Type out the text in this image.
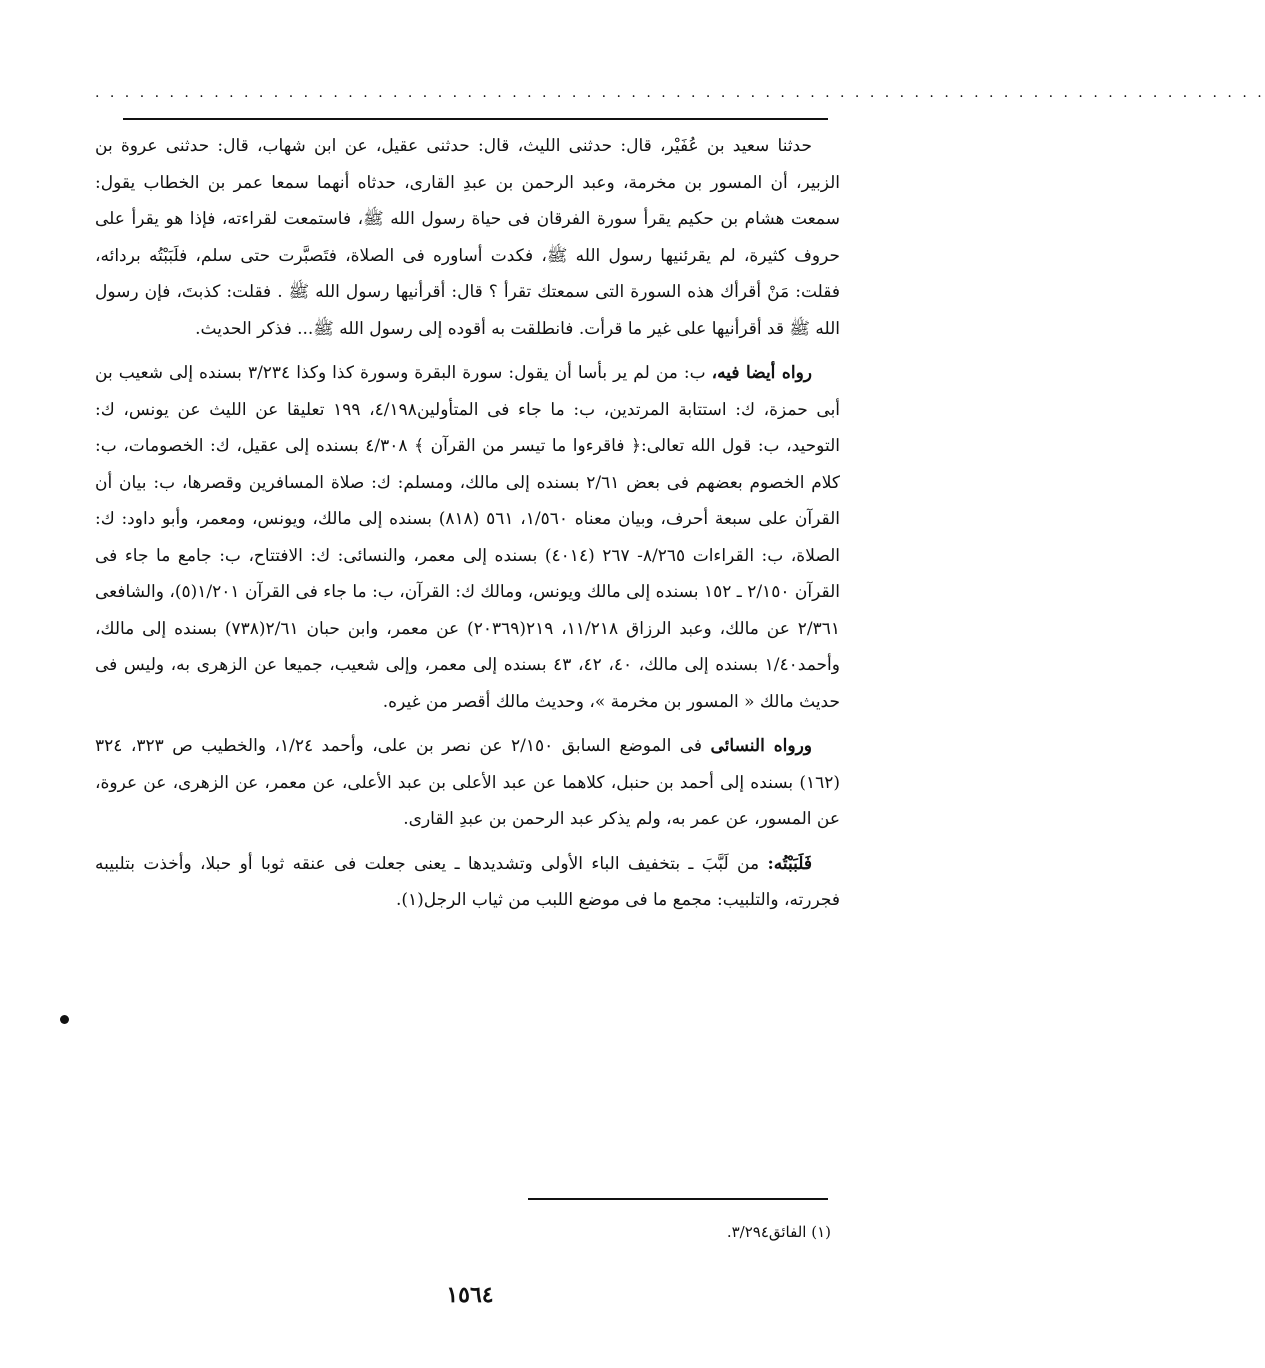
. . . . . . . . . . . . . . . . . . . . . . . . . . . . . . . . . . . . . . . . . . . . . . . . . . . . . . . . . . . . . . . . . . . . . . . . . . . . . . .

حدثنا سعيد بن عُفَيْر، قال: حدثنى الليث، قال: حدثنى عقيل، عن ابن شهاب، قال: حدثنى عروة بن الزبير، أن المسور بن مخرمة، وعبد الرحمن بن عبدِ القارى، حدثاه أنهما سمعا عمر بن الخطاب يقول: سمعت هشام بن حكيم يقرأ سورة الفرقان فى حياة رسول الله ﷺ، فاستمعت لقراءته، فإذا هو يقرأ على حروف كثيرة، لم يقرئنيها رسول الله ﷺ، فكدت أساوره فى الصلاة، فتَصبَّرت حتى سلم، فلَبَبْتُه بردائه، فقلت: مَنْ أقرأك هذه السورة التى سمعتك تقرأ ؟ قال: أقرأنيها رسول الله ﷺ . فقلت: كذبتَ، فإن رسول الله ﷺ قد أقرأنيها على غير ما قرأت. فانطلقت به أقوده إلى رسول الله ﷺ... فذكر الحديث.

رواه أيضا فيه، ب: من لم ير بأسا أن يقول: سورة البقرة وسورة كذا وكذا ٣/٢٣٤ بسنده إلى شعيب بن أبى حمزة، ك: استتابة المرتدين، ب: ما جاء فى المتأولين٤/١٩٨، ١٩٩ تعليقا عن الليث عن يونس، ك: التوحيد، ب: قول الله تعالى:﴿ فاقرءوا ما تيسر من القرآن ﴾ ٤/٣٠٨ بسنده إلى عقيل، ك: الخصومات، ب: كلام الخصوم بعضهم فى بعض ٢/٦١ بسنده إلى مالك، ومسلم: ك: صلاة المسافرين وقصرها، ب: بيان أن القرآن على سبعة أحرف، وبيان معناه ١/٥٦٠، ٥٦١ (٨١٨) بسنده إلى مالك، ويونس، ومعمر، وأبو داود: ك: الصلاة، ب: القراءات ٨/٢٦٥- ٢٦٧ (٤٠١٤) بسنده إلى معمر، والنسائى: ك: الافتتاح، ب: جامع ما جاء فى القرآن ٢/١٥٠ ـ ١٥٢ بسنده إلى مالك ويونس، ومالك ك: القرآن، ب: ما جاء فى القرآن ١/٢٠١(٥)، والشافعى ٢/٣٦١ عن مالك، وعبد الرزاق ١١/٢١٨، ٢١٩(٢٠٣٦٩) عن معمر، وابن حبان ٢/٦١(٧٣٨) بسنده إلى مالك، وأحمد١/٤٠ بسنده إلى مالك، ٤٠، ٤٢، ٤٣ بسنده إلى معمر، وإلى شعيب، جميعا عن الزهرى به، وليس فى حديث مالك « المسور بن مخرمة »، وحديث مالك أقصر من غيره.

ورواه النسائى فى الموضع السابق ٢/١٥٠ عن نصر بن على، وأحمد ١/٢٤، والخطيب ص ٣٢٣، ٣٢٤ (١٦٢) بسنده إلى أحمد بن حنبل، كلاهما عن عبد الأعلى بن عبد الأعلى، عن معمر، عن الزهرى، عن عروة، عن المسور، عن عمر به، ولم يذكر عبد الرحمن بن عبدِ القارى.

فَلَبَبْتُه: من لَبَّبَ ـ بتخفيف الباء الأولى وتشديدها ـ يعنى جعلت فى عنقه ثوبا أو حبلا، وأخذت بتلبيبه فجررته، والتلبيب: مجمع ما فى موضع اللبب من ثياب الرجل(١).

(١) الفائق٣/٢٩٤.
١٥٦٤
